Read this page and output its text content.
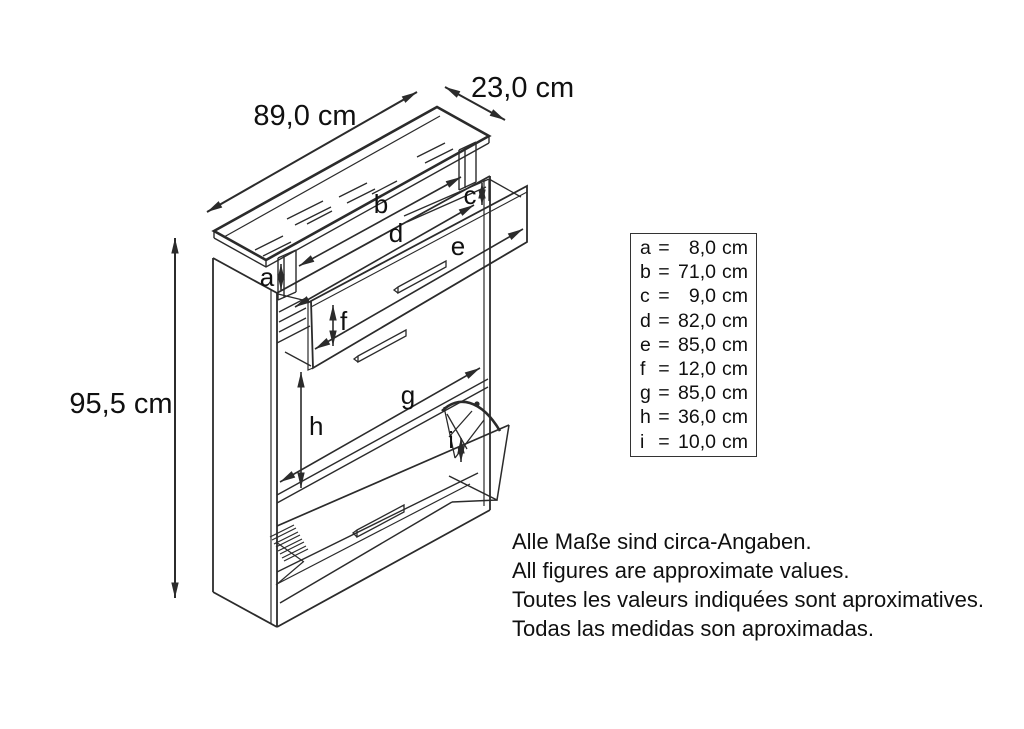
89,0 cm
23,0 cm
95,5 cm
a
b	c
d e
f
g
h	i
a = 8,0 cm
b = 71,0 cm
c = 9,0 cm
d = 82,0 cm
e = 85,0 cm
f = 12,0 cm
g = 85,0 cm
h = 36,0 cm
i = 10,0 cm
Alle Maße sind circa-Angaben.
All figures are approximate values.
Toutes les valeurs indiquées sont aproximatives.
Todas las medidas son aproximadas.
